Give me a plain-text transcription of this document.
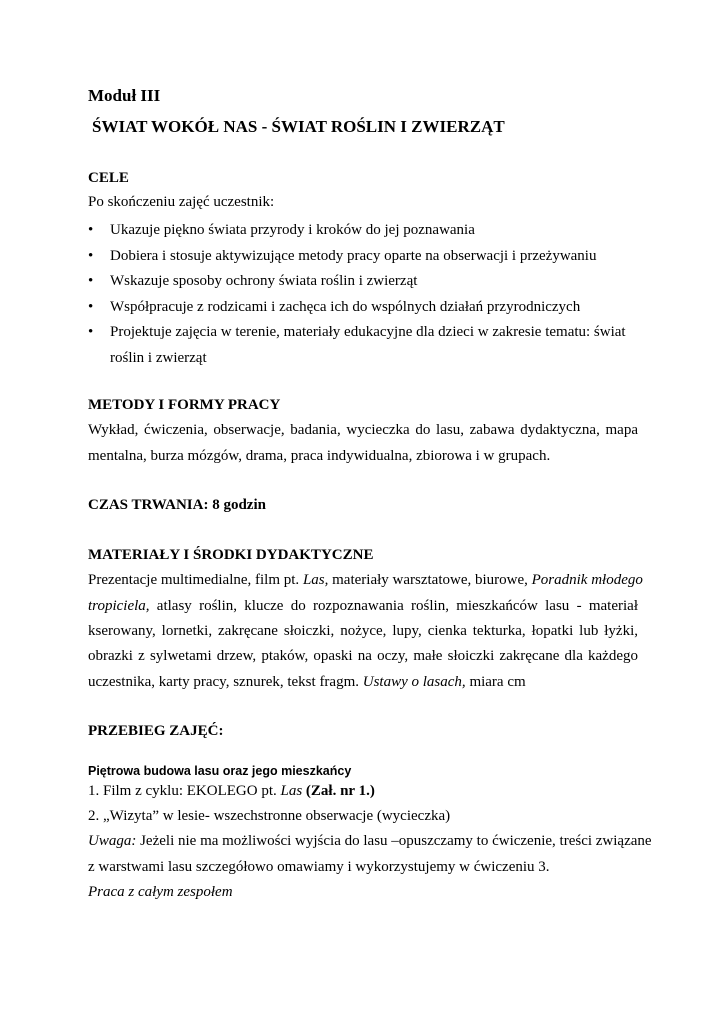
Moduł III
ŚWIAT WOKÓŁ NAS - ŚWIAT ROŚLIN I ZWIERZĄT
CELE
Po skończeniu zajęć uczestnik:
• Ukazuje piękno świata przyrody i kroków do jej poznawania
• Dobiera i stosuje aktywizujące metody pracy oparte na obserwacji i przeżywaniu
• Wskazuje sposoby ochrony świata roślin i zwierząt
• Współpracuje z rodzicami i zachęca ich do wspólnych działań przyrodniczych
• Projektuje zajęcia w terenie, materiały edukacyjne dla dzieci w zakresie tematu: świat
roślin i zwierząt
METODY I FORMY PRACY
Wykład, ćwiczenia, obserwacje, badania, wycieczka do lasu, zabawa dydaktyczna, mapa
mentalna, burza mózgów, drama, praca indywidualna, zbiorowa i w grupach.
CZAS TRWANIA: 8 godzin
MATERIAŁY I ŚRODKI DYDAKTYCZNE
Prezentacje multimedialne, film pt. Las, materiały warsztatowe, biurowe, Poradnik młodego
tropiciela, atlasy roślin, klucze do rozpoznawania roślin, mieszkańców lasu - materiał
kserowany, lornetki, zakręcane słoiczki, nożyce, lupy, cienka tekturka, łopatki lub łyżki,
obrazki z sylwetami drzew, ptaków, opaski na oczy, małe słoiczki zakręcane dla każdego
uczestnika, karty pracy, sznurek, tekst fragm. Ustawy o lasach, miara cm
PRZEBIEG ZAJĘĆ:
Piętrowa budowa lasu oraz jego mieszkańcy
1. Film z cyklu: EKOLEGO pt. Las (Zał. nr 1.)
2. „Wizyta” w lesie- wszechstronne obserwacje (wycieczka)
Uwaga: Jeżeli nie ma możliwości wyjścia do lasu –opuszczamy to ćwiczenie, treści związane
z warstwami lasu szczegółowo omawiamy i wykorzystujemy w ćwiczeniu 3.
Praca z całym zespołem
